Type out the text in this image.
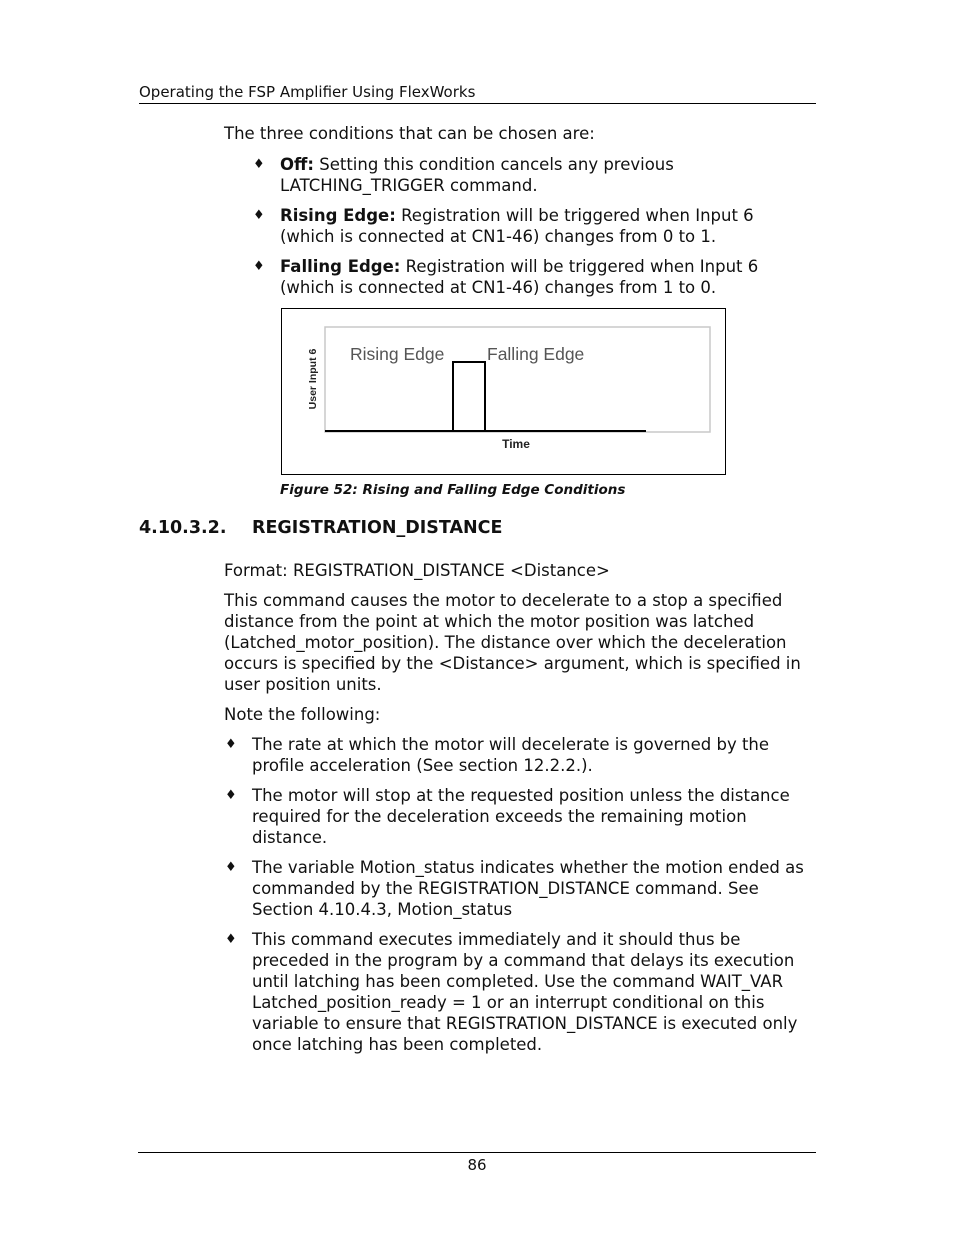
Operating the FSP Amplifier Using FlexWorks
The three conditions that can be chosen are:
♦ Off: Setting this condition cancels any previous LATCHING_TRIGGER command.
♦ Rising Edge: Registration will be triggered when Input 6 (which is connected at CN1-46) changes from 0 to 1.
♦ Falling Edge: Registration will be triggered when Input 6 (which is connected at CN1-46) changes from 1 to 0.
User Input 6
Time
Rising Edge Falling Edge
Figure 52: Rising and Falling Edge Conditions
4.10.3.2. REGISTRATION_DISTANCE
Format: REGISTRATION_DISTANCE <Distance>
This command causes the motor to decelerate to a stop a specified distance from the point at which the motor position was latched (Latched_motor_position). The distance over which the deceleration occurs is specified by the <Distance> argument, which is specified in user position units.
Note the following:
♦ The rate at which the motor will decelerate is governed by the profile acceleration (See section 12.2.2.).
♦ The motor will stop at the requested position unless the distance required for the deceleration exceeds the remaining motion distance.
♦ The variable Motion_status indicates whether the motion ended as commanded by the REGISTRATION_DISTANCE command. See Section 4.10.4.3, Motion_status
♦ This command executes immediately and it should thus be preceded in the program by a command that delays its execution until latching has been completed. Use the command WAIT_VAR Latched_position_ready = 1 or an interrupt conditional on this variable to ensure that REGISTRATION_DISTANCE is executed only once latching has been completed.
86
